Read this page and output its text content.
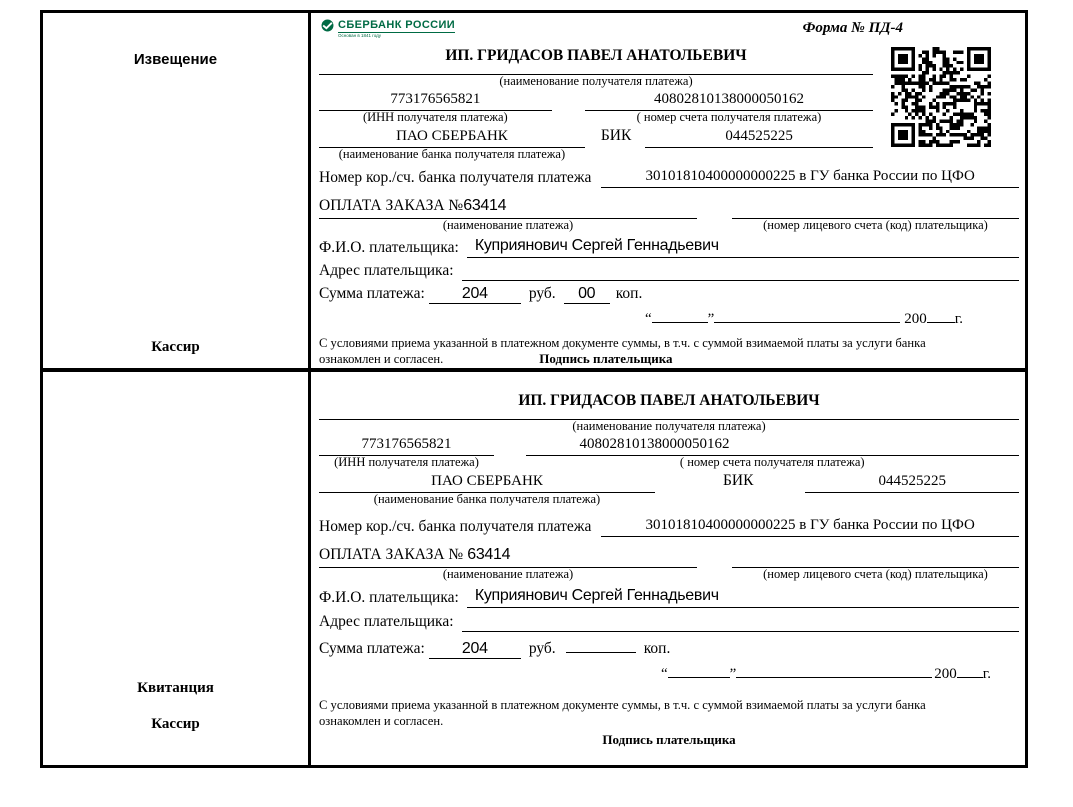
Извещение
Кассир
СБЕРБАНК РОССИИ
Основан в 1841 году	Форма № ПД-4
ИП. ГРИДАСОВ ПАВЕЛ АНАТОЛЬЕВИЧ
(наименование получателя платежа)
773176565821
(ИНН получателя платежа)
40802810138000050162
( номер счета получателя платежа)
ПАО СБЕРБАНК
(наименование банка получателя платежа)
БИК	044525225
Номер кор./сч. банка получателя платежа	30101810400000000225 в ГУ банка России по ЦФО
ОПЛАТА ЗАКАЗА №63414
(наименование платежа)	(номер лицевого счета (код) плательщика)
Ф.И.О. плательщика:	Куприянович Сергей Геннадьевич
Адрес плательщика:
Сумма платежа:	204	руб.	00	коп.
“	”	200 г.
С условиями приема указанной в платежном документе суммы, в т.ч. с суммой взимаемой платы за услуги банка
ознакомлен и согласен.	Подпись плательщика
Квитанция
Кассир
ИП. ГРИДАСОВ ПАВЕЛ АНАТОЛЬЕВИЧ
(наименование получателя платежа)
773176565821
(ИНН получателя платежа)
40802810138000050162
( номер счета получателя платежа)
ПАО СБЕРБАНК
(наименование банка получателя платежа)
БИК	044525225
Номер кор./сч. банка получателя платежа	30101810400000000225 в ГУ банка России по ЦФО
ОПЛАТА ЗАКАЗА № 63414
(наименование платежа)	(номер лицевого счета (код) плательщика)
Ф.И.О. плательщика:	Куприянович Сергей Геннадьевич
Адрес плательщика:
Сумма платежа:	204	руб.	коп.
“	”	200 г.
С условиями приема указанной в платежном документе суммы, в т.ч. с суммой взимаемой платы за услуги банка
ознакомлен и согласен.
Подпись плательщика
